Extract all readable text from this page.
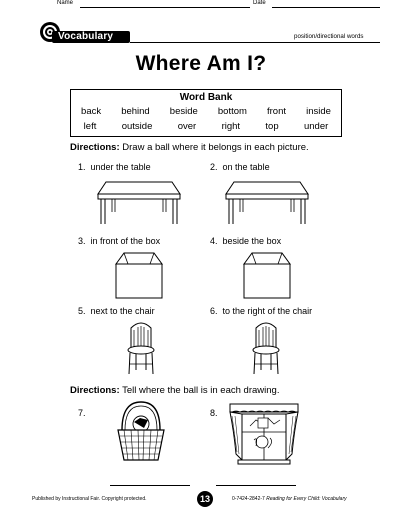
Name	Date
Vocabulary	position/directional words
Where Am I?
Word Bank
back behind beside bottom front inside
left	outside	over	right	top	under
Directions: Draw a ball where it belongs in each picture.
1. under the table	2. on the table
3. in front of the box	4. beside the box
5. next to the chair	6. to the right of the chair
Directions: Tell where the ball is in each drawing.
7.	8.
Published by Instructional Fair. Copyright protected.	13	0-7424-2842-7 Reading for Every Child: Vocabulary
